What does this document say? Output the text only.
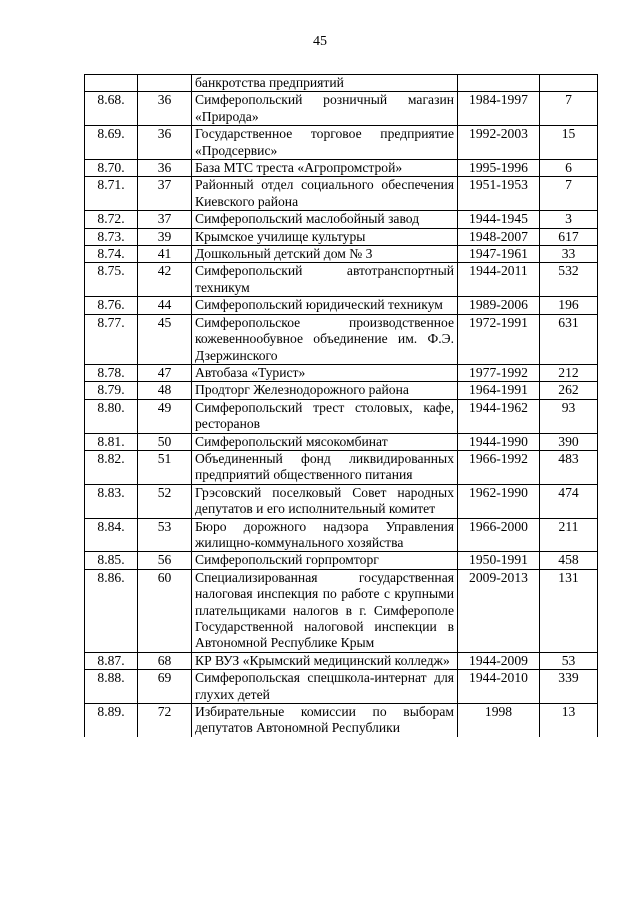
45
		банкротства предприятий		
8.68.	36	Симферопольский розничный магазин «Природа»	1984-1997	7
8.69.	36	Государственное торговое предприятие «Продсервис»	1992-2003	15
8.70.	36	База МТС треста «Агропромстрой»	1995-1996	6
8.71.	37	Районный отдел социального обеспечения Киевского района	1951-1953	7
8.72.	37	Симферопольский маслобойный завод	1944-1945	3
8.73.	39	Крымское училище культуры	1948-2007	617
8.74.	41	Дошкольный детский дом № 3	1947-1961	33
8.75.	42	Симферопольский автотранспортный техникум	1944-2011	532
8.76.	44	Симферопольский юридический техникум	1989-2006	196
8.77.	45	Симферопольское производственное кожевеннообувное объединение им. Ф.Э. Дзержинского	1972-1991	631
8.78.	47	Автобаза «Турист»	1977-1992	212
8.79.	48	Продторг Железнодорожного района	1964-1991	262
8.80.	49	Симферопольский трест столовых, кафе, ресторанов	1944-1962	93
8.81.	50	Симферопольский мясокомбинат	1944-1990	390
8.82.	51	Объединенный фонд ликвидированных предприятий общественного питания	1966-1992	483
8.83.	52	Грэсовский поселковый Совет народных депутатов и его исполнительный комитет	1962-1990	474
8.84.	53	Бюро дорожного надзора Управления жилищно-коммунального хозяйства	1966-2000	211
8.85.	56	Симферопольский горпромторг	1950-1991	458
8.86.	60	Специализированная государственная налоговая инспекция по работе с крупными плательщиками налогов в г. Симферополе Государственной налоговой инспекции в Автономной Республике Крым	2009-2013	131
8.87.	68	КР ВУЗ «Крымский медицинский колледж»	1944-2009	53
8.88.	69	Симферопольская спецшкола-интернат для глухих детей	1944-2010	339
8.89.	72	Избирательные комиссии по выборам депутатов Автономной Республики	1998	13
